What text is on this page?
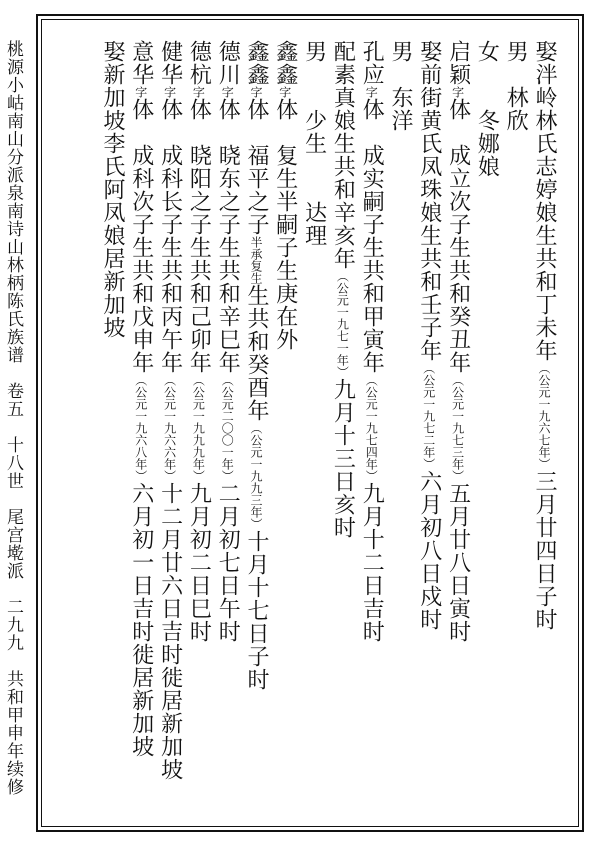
桃源小岵南山分派泉南诗山林柄陈氏族谱卷五十八世尾宫墘派二九九共和甲申年续修
娶泮岭林氏志婷娘生共和丁未年（公元一九六七年）三月廿四日子时
男　林欣
女　　冬娜娘
启颖字体　成立次子生共和癸丑年（公元一九七三年）五月廿八日寅时
娶前街黄氏凤珠娘生共和壬子年（公元一九七二年）六月初八日戍时
男　东洋
孔应字体　成实嗣子生共和甲寅年（公元一九七四年）九月十二日吉时
配素真娘生共和辛亥年（公元一九七一年）九月十三日亥时
男　　少生　　达理
鑫鑫字体　复生半嗣子生庚在外
鑫鑫字体　福平之子半承复生生共和癸酉年（公元一九九三年）十月十七日子时
德川字体　晓东之子生共和辛巳年（公元二〇〇一年）二月初七日午时
德杭字体　晓阳之子生共和己卯年（公元一九九九年）九月初二日巳时
健华字体　成科长子生共和丙午年（公元一九六六年）十二月廿六日吉时徙居新加坡
意华字体　成科次子生共和戊申年（公元一九六八年）六月初一日吉时徙居新加坡
娶新加坡李氏阿凤娘居新加坡
